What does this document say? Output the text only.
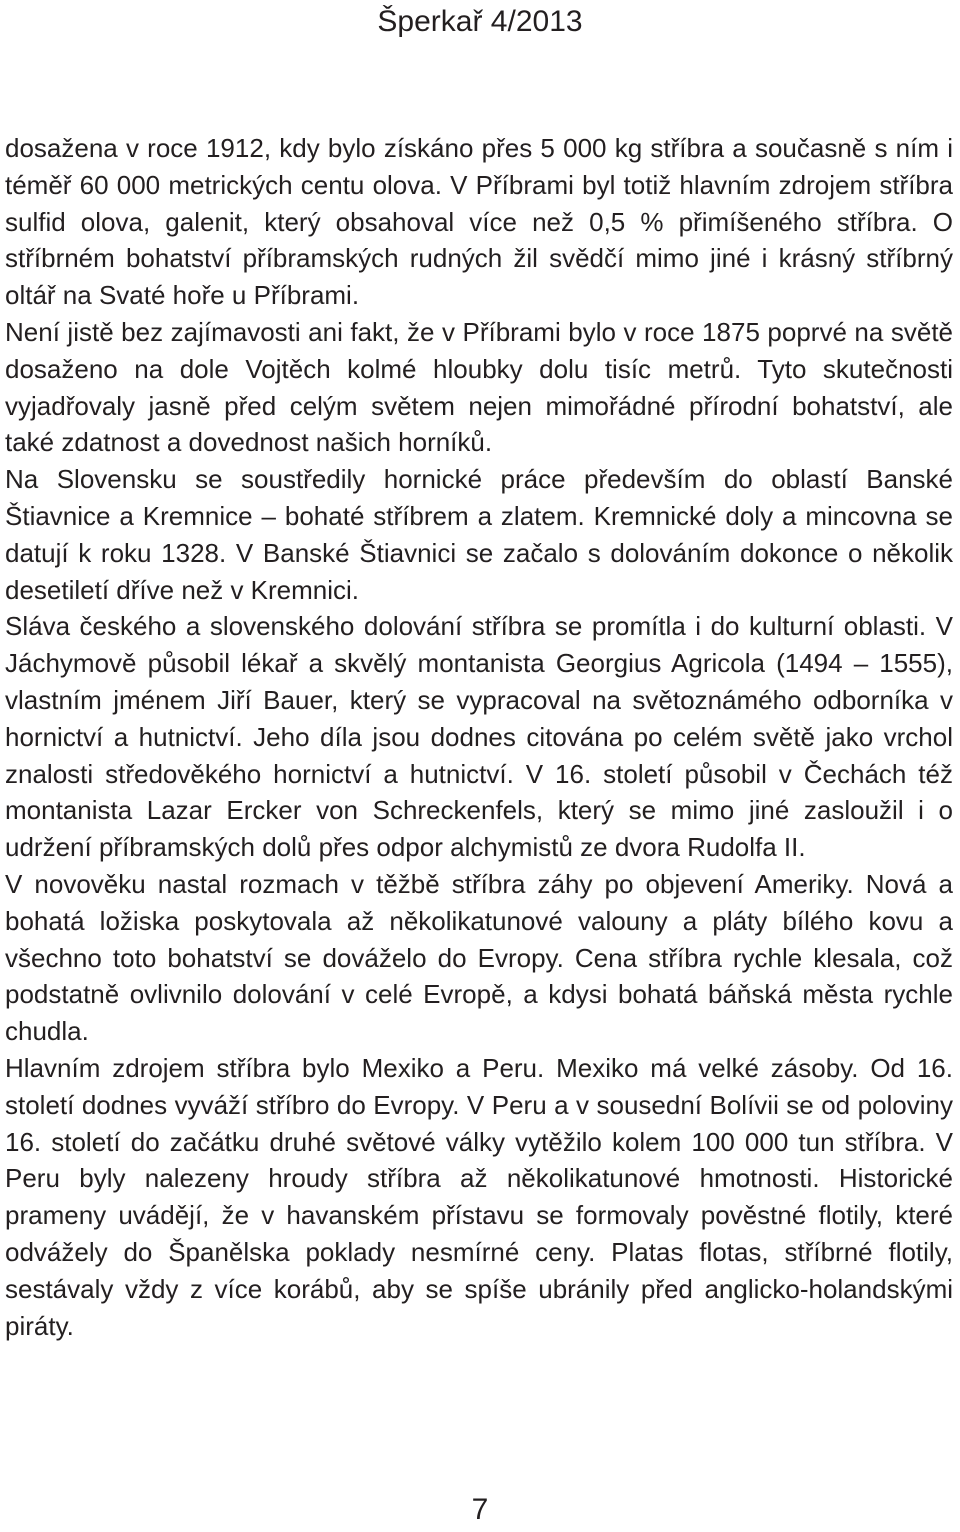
Šperkař 4/2013

dosažena v roce 1912, kdy bylo získáno přes 5 000 kg stříbra a současně s ním i téměř 60 000 metrických centu olova. V Příbrami byl totiž hlavním zdrojem stříbra sulfid olova, galenit, který obsahoval více než 0,5 % přimíšeného stříbra. O stříbrném bohatství příbramských rudných žil svědčí mimo jiné i krásný stříbrný oltář na Svaté hoře u Příbrami.

Není jistě bez zajímavosti ani fakt, že v Příbrami bylo v roce 1875 poprvé na světě dosaženo na dole Vojtěch kolmé hloubky dolu tisíc metrů. Tyto skutečnosti vyjadřovaly jasně před celým světem nejen mimořádné přírodní bohatství, ale také zdatnost a dovednost našich horníků.

Na Slovensku se soustředily hornické práce především do oblastí Banské Štiavnice a Kremnice – bohaté stříbrem a zlatem. Kremnické doly a mincovna se datují k roku 1328. V Banské Štiavnici se začalo s dolováním dokonce o několik desetiletí dříve než v Kremnici.

Sláva českého a slovenského dolování stříbra se promítla i do kulturní oblasti. V Jáchymově působil lékař a skvělý montanista Georgius Agricola (1494 – 1555), vlastním jménem Jiří Bauer, který se vypracoval na světoznámého odborníka v hornictví a hutnictví. Jeho díla jsou dodnes citována po celém světě jako vrchol znalosti středověkého hornictví a hutnictví. V 16. století působil v Čechách též montanista Lazar Ercker von Schreckenfels, který se mimo jiné zasloužil i o udržení příbramských dolů přes odpor alchymistů ze dvora Rudolfa II.

V novověku nastal rozmach v těžbě stříbra záhy po objevení Ameriky. Nová a bohatá ložiska poskytovala až několikatunové valouny a pláty bílého kovu a všechno toto bohatství se dováželo do Evropy. Cena stříbra rychle klesala, což podstatně ovlivnilo dolování v celé Evropě, a kdysi bohatá báňská města rychle chudla.

Hlavním zdrojem stříbra bylo Mexiko a Peru. Mexiko má velké zásoby. Od 16. století dodnes vyváží stříbro do Evropy. V Peru a v sousední Bolívii se od poloviny 16. století do začátku druhé světové války vytěžilo kolem 100 000 tun stříbra. V Peru byly nalezeny hroudy stříbra až několikatunové hmotnosti. Historické prameny uvádějí, že v havanském přístavu se formovaly pověstné flotily, které odvážely do Španělska poklady nesmírné ceny. Platas flotas, stříbrné flotily, sestávaly vždy z více korábů, aby se spíše ubránily před anglicko-holandskými piráty.

7
